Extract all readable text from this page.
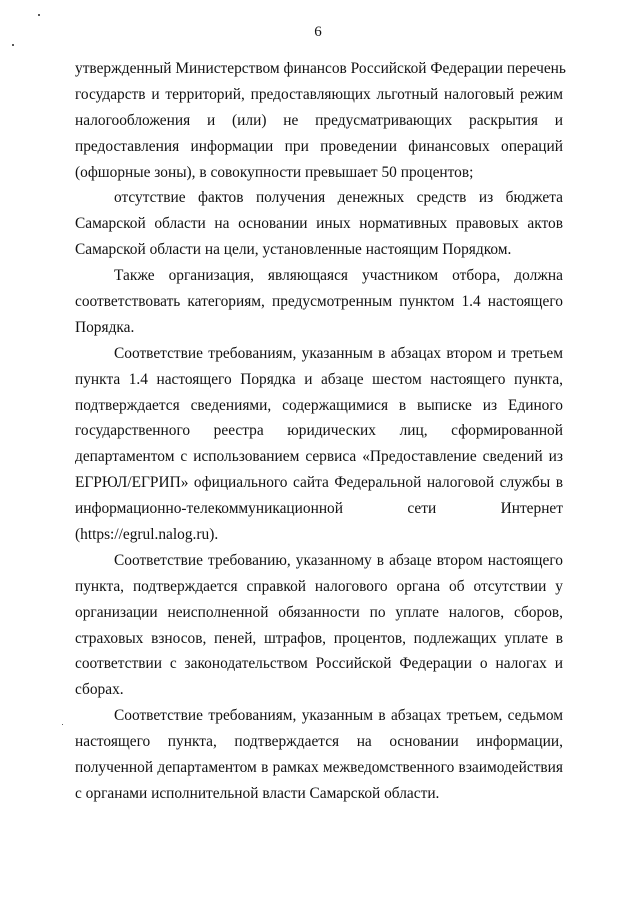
6
утвержденный Министерством финансов Российской Федерации перечень
государств и территорий, предоставляющих льготный налоговый режим
налогообложения и (или) не предусматривающих раскрытия и
предоставления информации при проведении финансовых операций
(офшорные зоны), в совокупности превышает 50 процентов;
отсутствие фактов получения денежных средств из бюджета
Самарской области на основании иных нормативных правовых актов
Самарской области на цели, установленные настоящим Порядком.
Также организация, являющаяся участником отбора, должна
соответствовать категориям, предусмотренным пунктом 1.4 настоящего
Порядка.
Соответствие требованиям, указанным в абзацах втором и третьем
пункта 1.4 настоящего Порядка и абзаце шестом настоящего пункта,
подтверждается сведениями, содержащимися в выписке из Единого
государственного реестра юридических лиц, сформированной
департаментом с использованием сервиса «Предоставление сведений из
ЕГРЮЛ/ЕГРИП» официального сайта Федеральной налоговой службы в
информационно-телекоммуникационной сети Интернет
(https://egrul.nalog.ru).
Соответствие требованию, указанному в абзаце втором настоящего
пункта, подтверждается справкой налогового органа об отсутствии у
организации неисполненной обязанности по уплате налогов, сборов,
страховых взносов, пеней, штрафов, процентов, подлежащих уплате в
соответствии с законодательством Российской Федерации о налогах и
сборах.
Соответствие требованиям, указанным в абзацах третьем, седьмом
настоящего пункта, подтверждается на основании информации,
полученной департаментом в рамках межведомственного взаимодействия
с органами исполнительной власти Самарской области.
